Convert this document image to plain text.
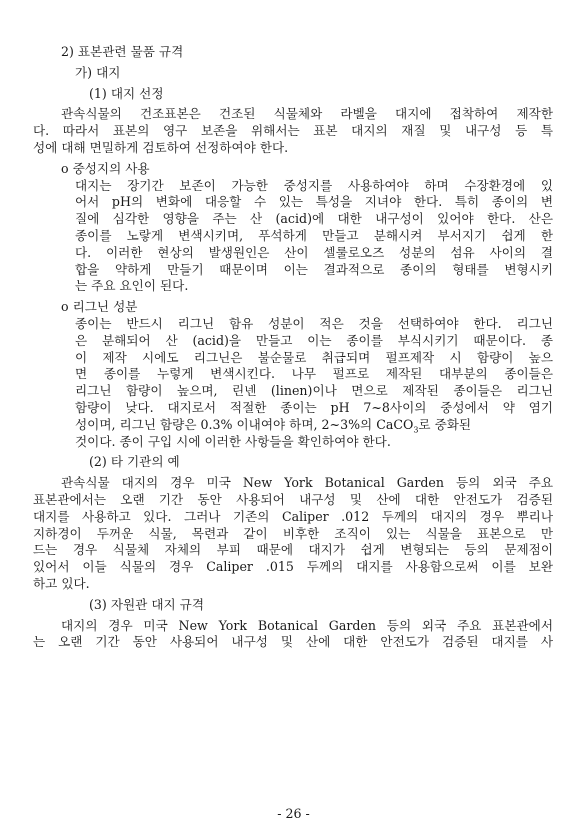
2) 표본관련 물품 규격
가) 대지
(1) 대지 선정
관속식물의 건조표본은 건조된 식물체와 라벨을 대지에 접착하여 제작한
다. 따라서 표본의 영구 보존을 위해서는 표본 대지의 재질 및 내구성 등 특
성에 대해 면밀하게 검토하여 선정하여야 한다.
o 중성지의 사용
대지는 장기간 보존이 가능한 중성지를 사용하여야 하며 수장환경에 있
어서 pH의 변화에 대응할 수 있는 특성을 지녀야 한다. 특히 종이의 변
질에 심각한 영향을 주는 산 (acid)에 대한 내구성이 있어야 한다. 산은
종이를 노랗게 변색시키며, 푸석하게 만들고 분해시켜 부서지기 쉽게 한
다. 이러한 현상의 발생원인은 산이 셀룰로오즈 성분의 섬유 사이의 결
합을 약하게 만들기 때문이며 이는 결과적으로 종이의 형태를 변형시키
는 주요 요인이 된다.
o 리그닌 성분
종이는 반드시 리그닌 함유 성분이 적은 것을 선택하여야 한다. 리그닌
은 분해되어 산 (acid)을 만들고 이는 종이를 부식시키기 때문이다. 종
이 제작 시에도 리그닌은 불순물로 취급되며 펄프제작 시 함량이 높으
면 종이를 누렇게 변색시킨다. 나무 펄프로 제작된 대부분의 종이들은
리그닌 함량이 높으며, 린넨 (linen)이나 면으로 제작된 종이들은 리그닌
함량이 낮다. 대지로서 적절한 종이는 pH 7~8사이의 중성에서 약 염기
성이며, 리그닌 함량은 0.3% 이내여야 하며, 2~3%의 CaCO$_3$로 중화된
것이다. 종이 구입 시에 이러한 사항들을 확인하여야 한다.
(2) 타 기관의 예
관속식물 대지의 경우 미국 New York Botanical Garden 등의 외국 주요
표본관에서는 오랜 기간 동안 사용되어 내구성 및 산에 대한 안전도가 검증된
대지를 사용하고 있다. 그러나 기존의 Caliper .012 두께의 대지의 경우 뿌리나
지하경이 두꺼운 식물, 목련과 같이 비후한 조직이 있는 식물을 표본으로 만
드는 경우 식물체 자체의 부피 때문에 대지가 쉽게 변형되는 등의 문제점이
있어서 이들 식물의 경우 Caliper .015 두께의 대지를 사용함으로써 이를 보완
하고 있다.
(3) 자원관 대지 규격
대지의 경우 미국 New York Botanical Garden 등의 외국 주요 표본관에서
는 오랜 기간 동안 사용되어 내구성 및 산에 대한 안전도가 검증된 대지를 사
- 26 -
